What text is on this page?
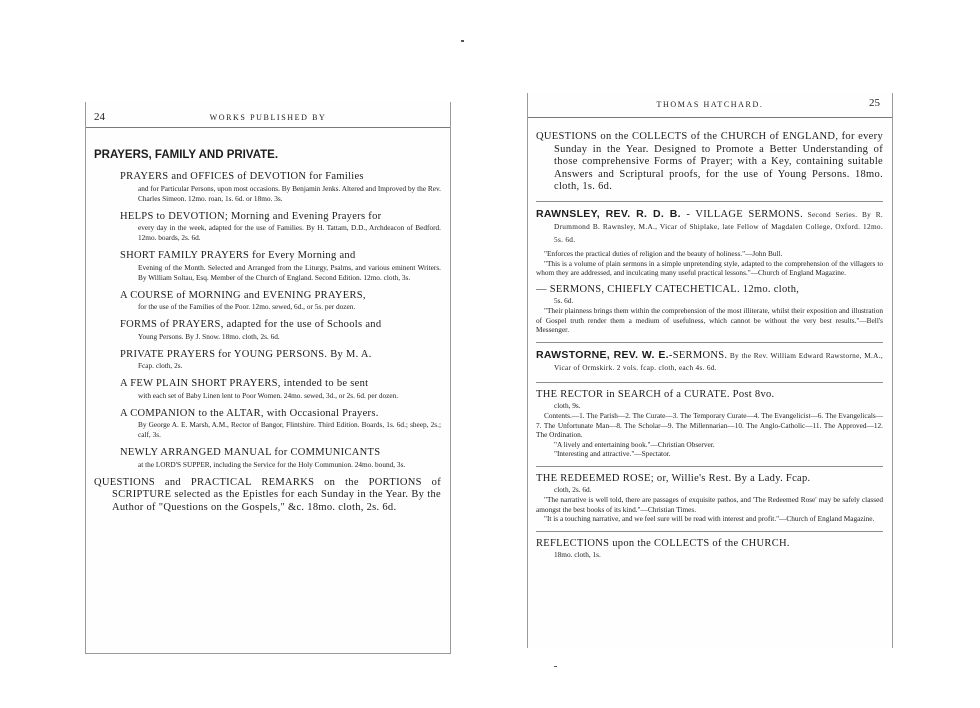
24	WORKS PUBLISHED BY
PRAYERS, FAMILY AND PRIVATE.
PRAYERS and OFFICES of DEVOTION for Families
and for Particular Persons, upon most occasions. By Benjamin Jenks. Altered and Improved by the Rev. Charles Simeon. 12mo. roan, 1s. 6d. or 18mo. 3s.
HELPS to DEVOTION; Morning and Evening Prayers for
every day in the week, adapted for the use of Families. By H. Tattam, D.D., Archdeacon of Bedford. 12mo. boards, 2s. 6d.
SHORT FAMILY PRAYERS for Every Morning and
Evening of the Month. Selected and Arranged from the Liturgy, Psalms, and various eminent Writers. By William Soltau, Esq. Member of the Church of England. Second Edition. 12mo. cloth, 3s.
A COURSE of MORNING and EVENING PRAYERS,
for the use of the Families of the Poor. 12mo. sewed, 6d., or 5s. per dozen.
FORMS of PRAYERS, adapted for the use of Schools and
Young Persons. By J. Snow. 18mo. cloth, 2s. 6d.
PRIVATE PRAYERS for YOUNG PERSONS. By M. A.
Fcap. cloth, 2s.
A FEW PLAIN SHORT PRAYERS, intended to be sent
with each set of Baby Linen lent to Poor Women. 24mo. sewed, 3d., or 2s. 6d. per dozen.
A COMPANION to the ALTAR, with Occasional Prayers.
By George A. E. Marsh, A.M., Rector of Bangor, Flintshire. Third Edition. Boards, 1s. 6d.; sheep, 2s.; calf, 3s.
NEWLY ARRANGED MANUAL for COMMUNICANTS
at the LORD'S SUPPER, including the Service for the Holy Communion. 24mo. bound, 3s.
QUESTIONS and PRACTICAL REMARKS on the PORTIONS of SCRIPTURE selected as the Epistles for each Sunday in the Year. By the Author of "Questions on the Gospels," &c. 18mo. cloth, 2s. 6d.
THOMAS HATCHARD.	25
QUESTIONS on the COLLECTS of the CHURCH of ENGLAND, for every Sunday in the Year. Designed to Promote a Better Understanding of those comprehensive Forms of Prayer; with a Key, containing suitable Answers and Scriptural proofs, for the use of Young Persons. 18mo. cloth, 1s. 6d.
RAWNSLEY, REV. R. D. B. - VILLAGE SERMONS. Second Series. By R. Drummond B. Rawnsley, M.A., Vicar of Shiplake, late Fellow of Magdalen College, Oxford. 12mo. 5s. 6d.
"Enforces the practical duties of religion and the beauty of holiness."—John Bull.
"This is a volume of plain sermons in a simple unpretending style, adapted to the comprehension of the villagers to whom they are addressed, and inculcating many useful practical lessons."—Church of England Magazine.
— SERMONS, CHIEFLY CATECHETICAL. 12mo. cloth,
5s. 6d.
"Their plainness brings them within the comprehension of the most illiterate, whilst their exposition and illustration of Gospel truth render them a medium of usefulness, which cannot be without the very best results."—Bell's Messenger.
RAWSTORNE, REV. W. E.-SERMONS. By the Rev. William Edward Rawstorne, M.A., Vicar of Ormskirk. 2 vols. fcap. cloth, each 4s. 6d.
THE RECTOR in SEARCH of a CURATE. Post 8vo.
cloth, 9s.
Contents.—1. The Parish—2. The Curate—3. The Temporary Curate—4. The Evangelicist—6. The Evangelicals—7. The Unfortunate Man—8. The Scholar—9. The Millennarian—10. The Anglo-Catholic—11. The Approved—12. The Ordination.
"A lively and entertaining book."—Christian Observer.
"Interesting and attractive."—Spectator.
THE REDEEMED ROSE; or, Willie's Rest. By a Lady. Fcap.
cloth, 2s. 6d.
"The narrative is well told, there are passages of exquisite pathos, and 'The Redeemed Rose' may be safely classed amongst the best books of its kind."—Christian Times.
"It is a touching narrative, and we feel sure will be read with interest and profit."—Church of England Magazine.
REFLECTIONS upon the COLLECTS of the CHURCH.
18mo. cloth, 1s.
